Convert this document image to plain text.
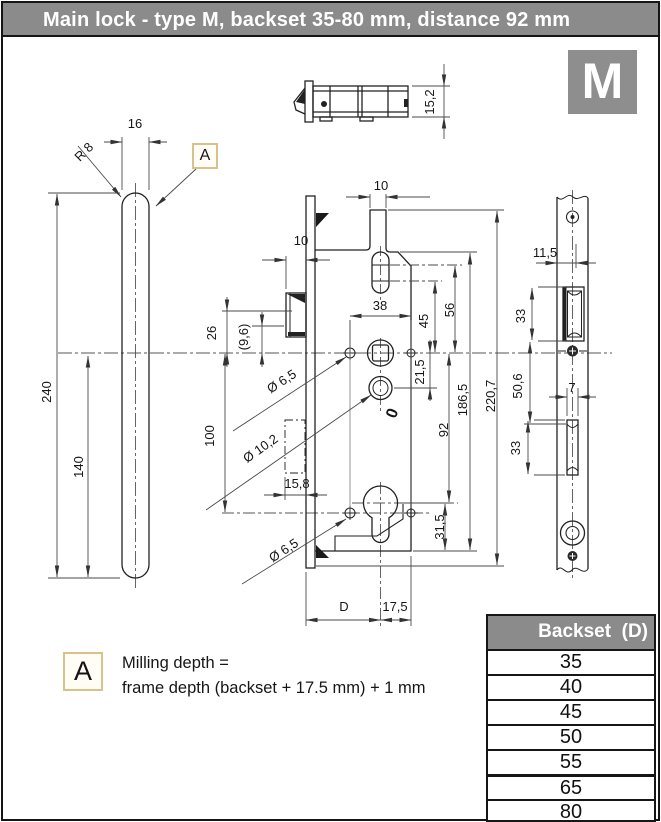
Main lock - type M, backset 35-80 mm, distance 92 mm
M
15,2
16
R 8
240
140
10
10
38
45
56
(9,6)
26
Ø 6,5	21,5
Ø 10,2
100
15,8
Ø 6,5
31,5
92
186,5 220,7
0
D	17,5
11,5
33
50,6	7
33
A
A	Milling depth =
frame depth (backset + 17.5 mm) + 1 mm
Backset  (D)
35
40
45
50
55
65
80
